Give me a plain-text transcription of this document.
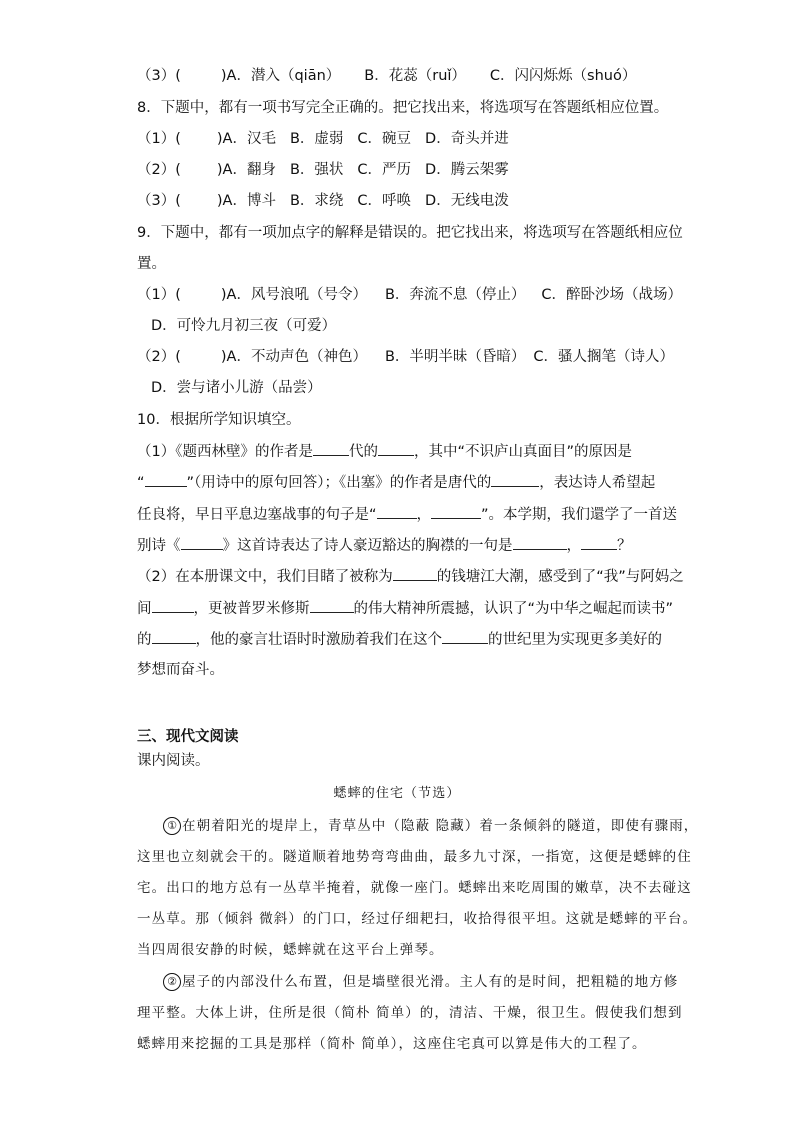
（3）(	)A．潜入（qiān） B．花蕊（ruǐ） C．闪闪烁烁（shuó）
8．下题中，都有一项书写完全正确的。把它找出来，将选项写在答题纸相应位置。
（1）( )A．汉毛 B．虚弱 C．碗豆 D．奇头并进
（2）( )A．翻身 B．强状 C．严历 D．腾云架雾
（3）( )A．博斗 B．求绕 C．呼唤 D．无线电泼
9．下题中，都有一项加点字的解释是错误的。把它找出来，将选项写在答题纸相应位
置。
（1）(	)A．风号浪吼（号令） B．奔流不息（停止） C．醉卧沙场（战场）
D．可怜九月初三夜（可爱）
（2）(	)A．不动声色（神色） B．半明半昧（昏暗） C．骚人搁笔（诗人）
D．尝与诸小儿游（品尝）
10．根据所学知识填空。
（1）《题西林壁》的作者是 代的 ，其中“不识庐山真面目”的原因是
“	”（用诗中的原句回答）；《出塞》的作者是唐代的	，表达诗人希望起
任良将，早日平息边塞战事的句子是“	，	”。本学期，我们還学了一首送
别诗《	》这首诗表达了诗人豪迈豁达的胸襟的一句是	， ？
（2）在本册课文中，我们目睹了被称为	的钱塘江大潮，感受到了“我”与阿妈之
间	，更被普罗米修斯	的伟大精神所震撼，认识了“为中华之崛起而读书”
的	，他的豪言壮语时时激励着我们在这个	的世纪里为实现更多美好的
梦想而奋斗。
三、现代文阅读
课内阅读。
蟋蟀的住宅（节选）
① 在朝着阳光的堤岸上，青草丛中（隐蔽 隐藏）着一条倾斜的隧道，即使有骤雨，
这里也立刻就会干的。隧道顺着地势弯弯曲曲，最多九寸深，一指宽，这便是蟋蟀的住
宅。出口的地方总有一丛草半掩着，就像一座门。蟋蟀出来吃周围的嫩草，决不去碰这
一丛草。那（倾斜 微斜）的门口，经过仔细耙扫，收拾得很平坦。这就是蟋蟀的平台。
当四周很安静的时候，蟋蟀就在这平台上弹琴。
② 屋子的内部没什么布置，但是墙壁很光滑。主人有的是时间，把粗糙的地方修
理平整。大体上讲，住所是很（简朴 简单）的，清洁、干燥，很卫生。假使我们想到
蟋蟀用来挖掘的工具是那样（简朴 简单），这座住宅真可以算是伟大的工程了。
